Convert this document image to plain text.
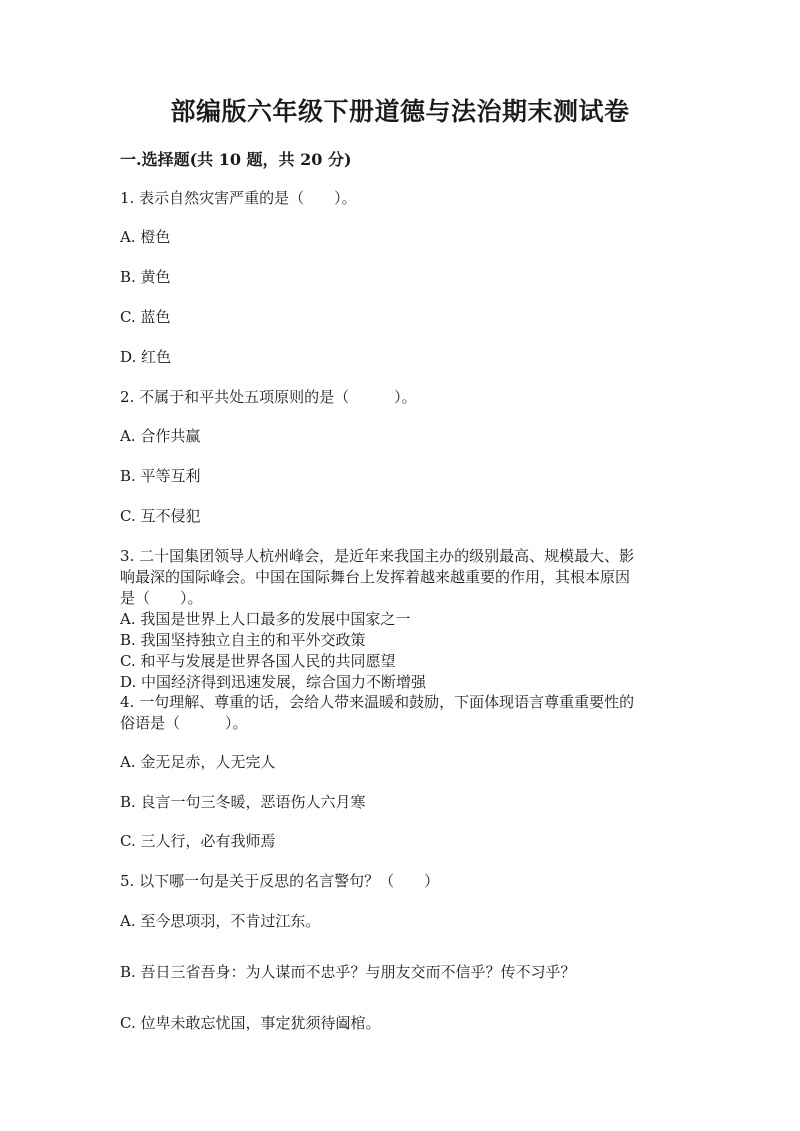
部编版六年级下册道德与法治期末测试卷
一.选择题(共 10 题，共 20 分)
1. 表示自然灾害严重的是（　　）。
A. 橙色
B. 黄色
C. 蓝色
D. 红色
2. 不属于和平共处五项原则的是（　　　）。
A. 合作共赢
B. 平等互利
C. 互不侵犯
3. 二十国集团领导人杭州峰会，是近年来我国主办的级别最高、规模最大、影
响最深的国际峰会。中国在国际舞台上发挥着越来越重要的作用，其根本原因
是（　　）。
A. 我国是世界上人口最多的发展中国家之一
B. 我国坚持独立自主的和平外交政策
C. 和平与发展是世界各国人民的共同愿望
D. 中国经济得到迅速发展，综合国力不断增强
4. 一句理解、尊重的话，会给人带来温暖和鼓励，下面体现语言尊重重要性的
俗语是（　　　）。
A. 金无足赤，人无完人
B. 良言一句三冬暖，恶语伤人六月寒
C. 三人行，必有我师焉
5. 以下哪一句是关于反思的名言警句？（　　）
A. 至今思项羽，不肯过江东。
B. 吾日三省吾身：为人谋而不忠乎？与朋友交而不信乎？传不习乎？
C. 位卑未敢忘忧国，事定犹须待阖棺。
